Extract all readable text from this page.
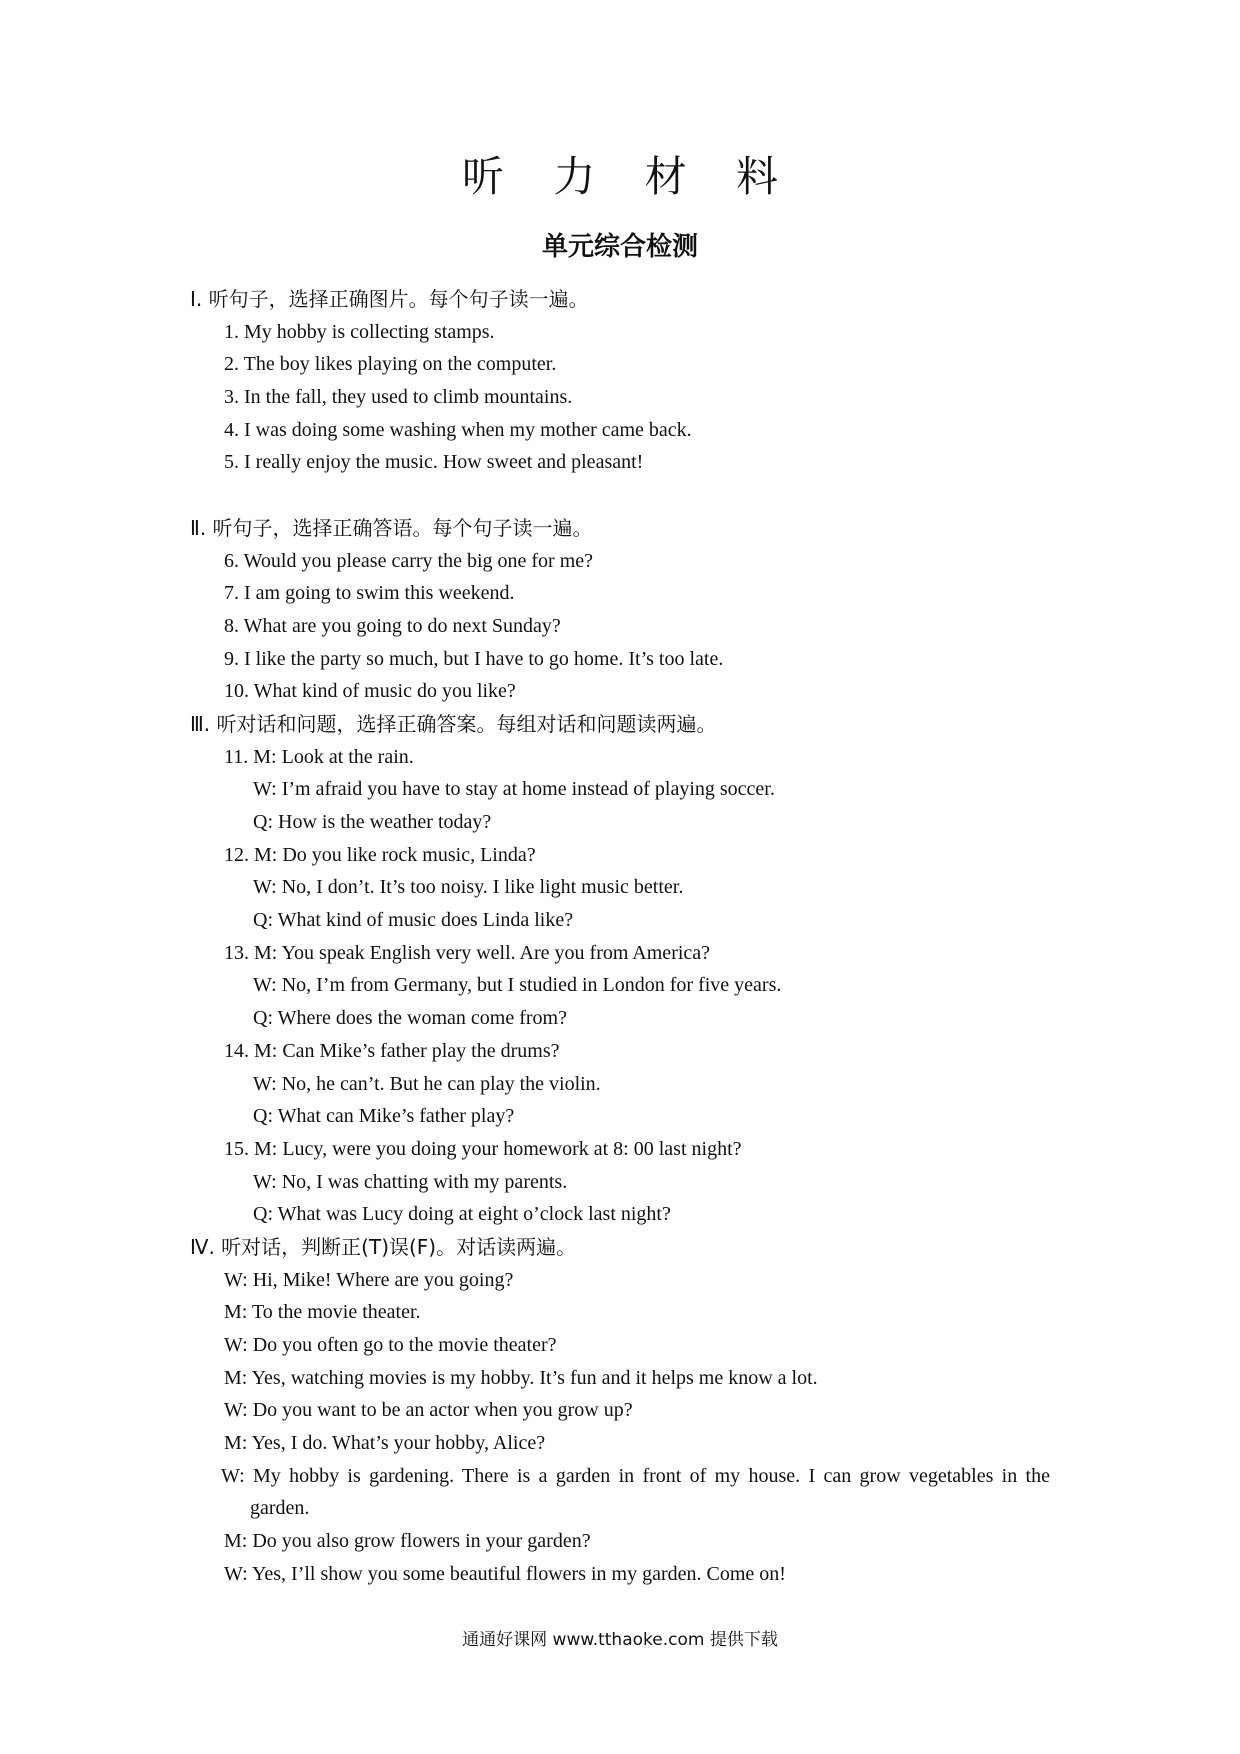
听 力 材 料
单元综合检测
Ⅰ. 听句子，选择正确图片。每个句子读一遍。
1. My hobby is collecting stamps.
2. The boy likes playing on the computer.
3. In the fall, they used to climb mountains.
4. I was doing some washing when my mother came back.
5. I really enjoy the music. How sweet and pleasant!
Ⅱ. 听句子，选择正确答语。每个句子读一遍。
6. Would you please carry the big one for me?
7. I am going to swim this weekend.
8. What are you going to do next Sunday?
9. I like the party so much, but I have to go home. It’s too late.
10. What kind of music do you like?
Ⅲ. 听对话和问题，选择正确答案。每组对话和问题读两遍。
11. M: Look at the rain.
W: I’m afraid you have to stay at home instead of playing soccer.
Q: How is the weather today?
12. M: Do you like rock music, Linda?
W: No, I don’t. It’s too noisy. I like light music better.
Q: What kind of music does Linda like?
13. M: You speak English very well. Are you from America?
W: No, I’m from Germany, but I studied in London for five years.
Q: Where does the woman come from?
14. M: Can Mike’s father play the drums?
W: No, he can’t. But he can play the violin.
Q: What can Mike’s father play?
15. M: Lucy, were you doing your homework at 8: 00 last night?
W: No, I was chatting with my parents.
Q: What was Lucy doing at eight o’clock last night?
Ⅳ. 听对话，判断正(T)误(F)。对话读两遍。
W: Hi, Mike! Where are you going?
M: To the movie theater.
W: Do you often go to the movie theater?
M: Yes, watching movies is my hobby. It’s fun and it helps me know a lot.
W: Do you want to be an actor when you grow up?
M: Yes, I do. What’s your hobby, Alice?
W: My hobby is gardening. There is a garden in front of my house. I can grow vegetables in the garden.
M: Do you also grow flowers in your garden?
W: Yes, I’ll show you some beautiful flowers in my garden. Come on!
通通好课网 www.tthaoke.com 提供下载
